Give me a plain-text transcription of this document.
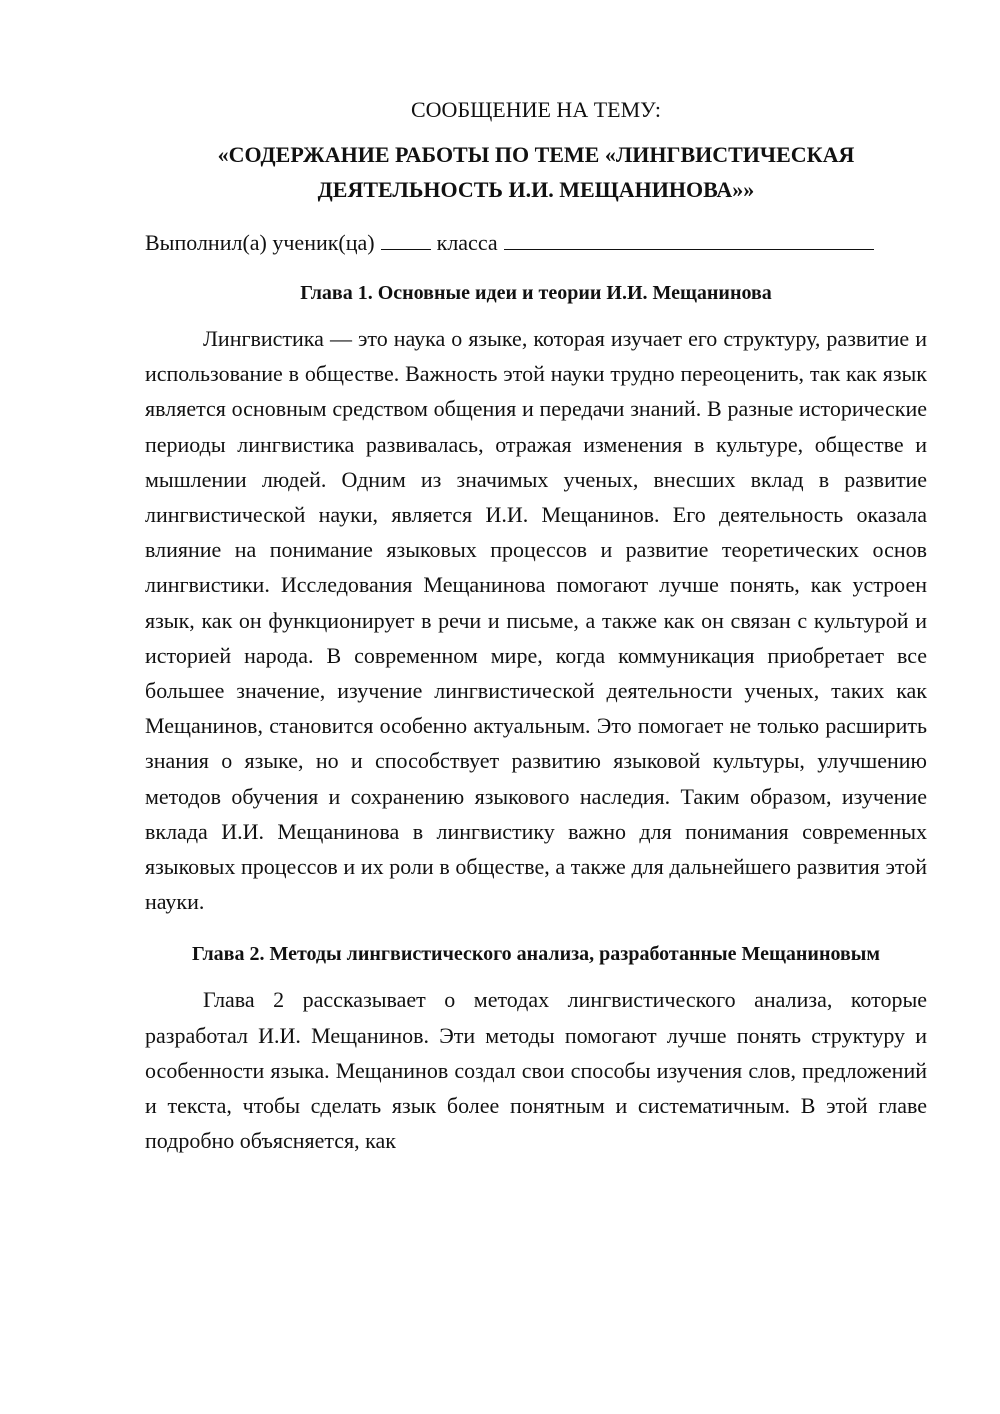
СООБЩЕНИЕ НА ТЕМУ:

«СОДЕРЖАНИЕ РАБОТЫ ПО ТЕМЕ «ЛИНГВИСТИЧЕСКАЯ ДЕЯТЕЛЬНОСТЬ И.И. МЕЩАНИНОВА»»

Выполнил(а) ученик(ца)	класса

Глава 1. Основные идеи и теории И.И. Мещанинова

Лингвистика — это наука о языке, которая изучает его структуру, развитие и использование в обществе. Важность этой науки трудно переоценить, так как язык является основным средством общения и передачи знаний. В разные исторические периоды лингвистика развивалась, отражая изменения в культуре, обществе и мышлении людей. Одним из значимых ученых, внесших вклад в развитие лингвистической науки, является И.И. Мещанинов. Его деятельность оказала влияние на понимание языковых процессов и развитие теоретических основ лингвистики. Исследования Мещанинова помогают лучше понять, как устроен язык, как он функционирует в речи и письме, а также как он связан с культурой и историей народа. В современном мире, когда коммуникация приобретает все большее значение, изучение лингвистической деятельности ученых, таких как Мещанинов, становится особенно актуальным. Это помогает не только расширить знания о языке, но и способствует развитию языковой культуры, улучшению методов обучения и сохранению языкового наследия. Таким образом, изучение вклада И.И. Мещанинова в лингвистику важно для понимания современных языковых процессов и их роли в обществе, а также для дальнейшего развития этой науки.

Глава 2. Методы лингвистического анализа, разработанные Мещаниновым

Глава 2 рассказывает о методах лингвистического анализа, которые разработал И.И. Мещанинов. Эти методы помогают лучше понять структуру и особенности языка. Мещанинов создал свои способы изучения слов, предложений и текста, чтобы сделать язык более понятным и систематичным. В этой главе подробно объясняется, как
